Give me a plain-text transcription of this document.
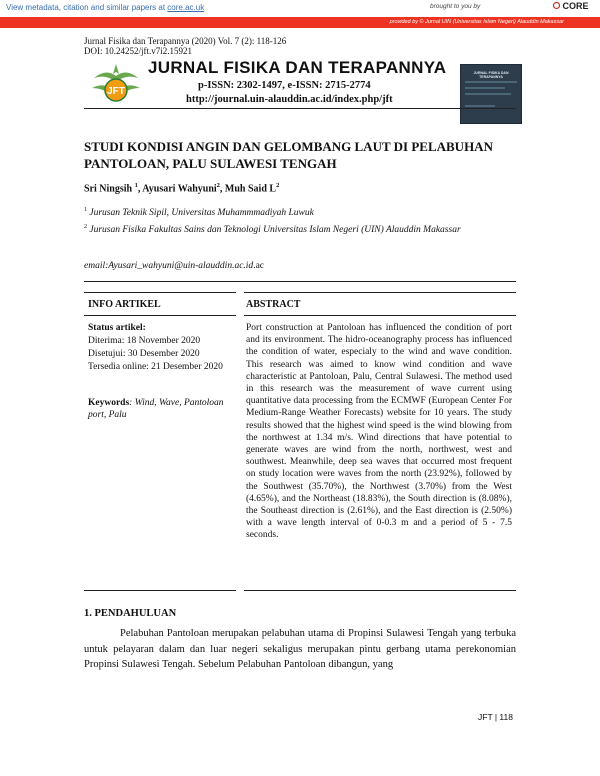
View metadata, citation and similar papers at core.ac.uk	brought to you by	CORE
provided by © Jurnal UIN (Universitas Islam Negeri) Alauddin Makassar
Jurnal Fisika dan Terapannya (2020) Vol. 7 (2): 118-126
DOI: 10.24252/jft.v7i2.15921
JFT
JURNAL FISIKA DAN TERAPANNYA
p-ISSN: 2302-1497, e-ISSN: 2715-2774
http://journal.uin-alauddin.ac.id/index.php/jft
JURNAL FISIKA DAN TERAPANNYA
STUDI KONDISI ANGIN DAN GELOMBANG LAUT DI PELABUHAN PANTOLOAN, PALU SULAWESI TENGAH
Sri Ningsih $^1$, Ayusari Wahyuni$^2$, Muh Said $L^2$
$^1$ Jurusan Teknik Sipil, Universitas Muhammmadiyah Luwuk
$^2$ Jurusan Fisika Fakultas Sains dan Teknologi Universitas Islam Negeri (UIN) Alauddin Makassar
email:Ayusari_wahyuni@uin-alauddin.ac.id.ac
INFO ARTIKEL
Status artikel:
Diterima: 18 November 2020
Disetujui: 30 Desember 2020
Tersedia online: 21 Desember 2020
Keywords: Wind, Wave, Pantoloan port, Palu
ABSTRACT
Port construction at Pantoloan has influenced the condition of port and its environment. The hidro-oceanography process has influenced the condition of water, especialy to the wind and wave condition. This research was aimed to know wind condition and wave characteristic at Pantoloan, Palu, Central Sulawesi. The method used in this research was the measurement of wave current using quantitative data processing from the ECMWF (European Center For Medium-Range Weather Forecasts) website for 10 years. The study results showed that the highest wind speed is the wind blowing from the northwest at 1.34 m/s. Wind directions that have potential to generate waves are wind from the north, northwest, west and southwest. Meanwhile, deep sea waves that occurred most frequent on study location were waves from the north (23.92%), followed by the Southwest (35.70%), the Northwest (3.70%) from the West (4.65%), and the Northeast (18.83%), the South direction is (8.08%), the Southeast direction is (2.61%), and the East direction is (2.50%) with a wave length interval of 0-0.3 m and a period of 5 - 7.5 seconds.
1. PENDAHULUAN
Pelabuhan Pantoloan merupakan pelabuhan utama di Propinsi Sulawesi Tengah yang terbuka untuk pelayaran dalam dan luar negeri sekaligus merupakan pintu gerbang utama perekonomian Propinsi Sulawesi Tengah. Sebelum Pelabuhan Pantoloan dibangun, yang
JFT | 118
